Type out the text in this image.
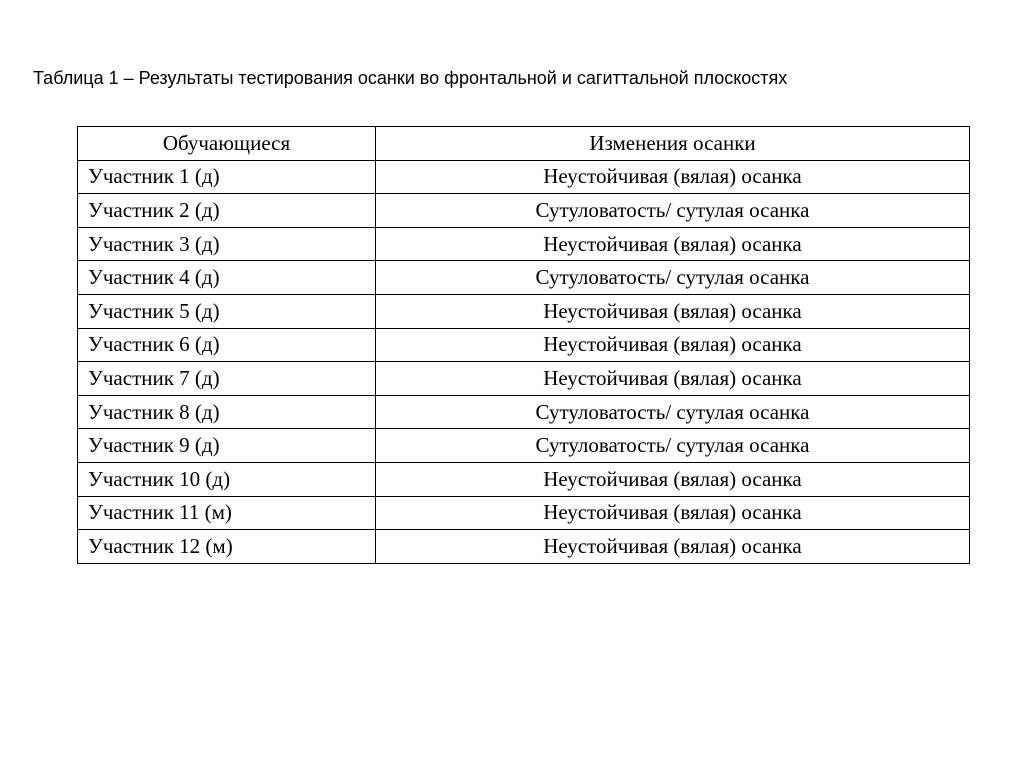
Таблица 1 – Результаты тестирования осанки во фронтальной и сагиттальной плоскостях
Обучающиеся	Изменения осанки
Участник 1 (д)	Неустойчивая (вялая) осанка
Участник 2 (д)	Сутуловатость/ сутулая осанка
Участник 3 (д)	Неустойчивая (вялая) осанка
Участник 4 (д)	Сутуловатость/ сутулая осанка
Участник 5 (д)	Неустойчивая (вялая) осанка
Участник 6 (д)	Неустойчивая (вялая) осанка
Участник 7 (д)	Неустойчивая (вялая) осанка
Участник 8 (д)	Сутуловатость/ сутулая осанка
Участник 9 (д)	Сутуловатость/ сутулая осанка
Участник 10 (д)	Неустойчивая (вялая) осанка
Участник 11 (м)	Неустойчивая (вялая) осанка
Участник 12 (м)	Неустойчивая (вялая) осанка
